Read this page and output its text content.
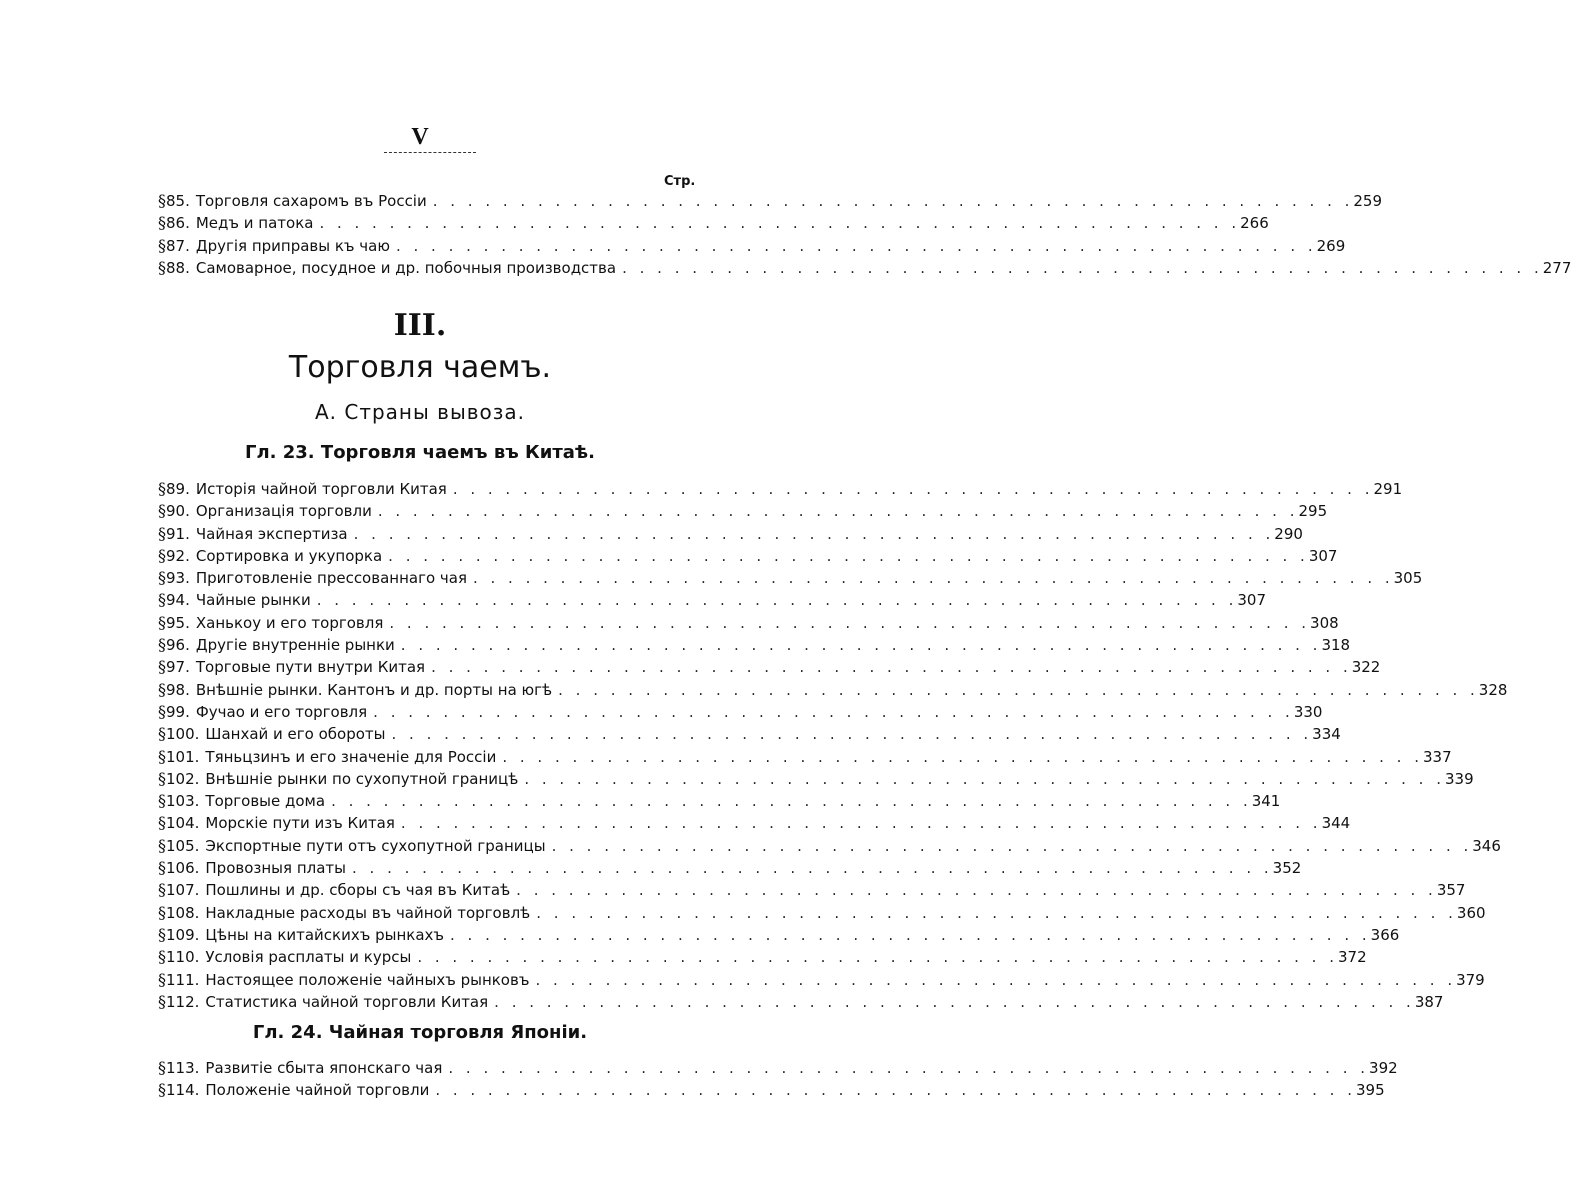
V
Стр.
§ 85. Торговля сахаромъ въ Россіи . . .	259
§ 86. Медъ и патока . . .	266
§ 87. Другія приправы къ чаю . . .	269
§ 88. Самоварное, посудное и др. побочныя производства . . .	277
III.
Торговля чаемъ.
А. Страны вывоза.
Гл. 23. Торговля чаемъ въ Китаѣ.
§ 89. Исторія чайной торговли Китая . . .	291
§ 90. Организація торговли . . .	295
§ 91. Чайная экспертиза . . .	290
§ 92. Сортировка и укупорка . . .	307
§ 93. Приготовленіе прессованнаго чая . . .	305
§ 94. Чайные рынки . . .	307
§ 95. Ханькоу и его торговля . . .	308
§ 96. Другіе внутренніе рынки . . .	318
§ 97. Торговые пути внутри Китая . . .	322
§ 98. Внѣшніе рынки. Кантонъ и др. порты на югѣ . . .	328
§ 99. Фучао и его торговля . . .	330
§ 100. Шанхай и его обороты . . .	334
§ 101. Тяньцзинъ и его значеніе для Россіи . . .	337
§ 102. Внѣшніе рынки по сухопутной границѣ . . .	339
§ 103. Торговые дома . . .	341
§ 104. Морскіе пути изъ Китая . . .	344
§ 105. Экспортные пути отъ сухопутной границы . . .	346
§ 106. Провозныя платы . . .	352
§ 107. Пошлины и др. сборы съ чая въ Китаѣ . . .	357
§ 108. Накладные расходы въ чайной торговлѣ . . .	360
§ 109. Цѣны на китайскихъ рынкахъ . . .	366
§ 110. Условія расплаты и курсы . . .	372
§ 111. Настоящее положеніе чайныхъ рынковъ . . .	379
§ 112. Статистика чайной торговли Китая . . .	387
Гл. 24. Чайная торговля Японіи.
§ 113. Развитіе сбыта японскаго чая . . .	392
§ 114. Положеніе чайной торговли . . .	395
